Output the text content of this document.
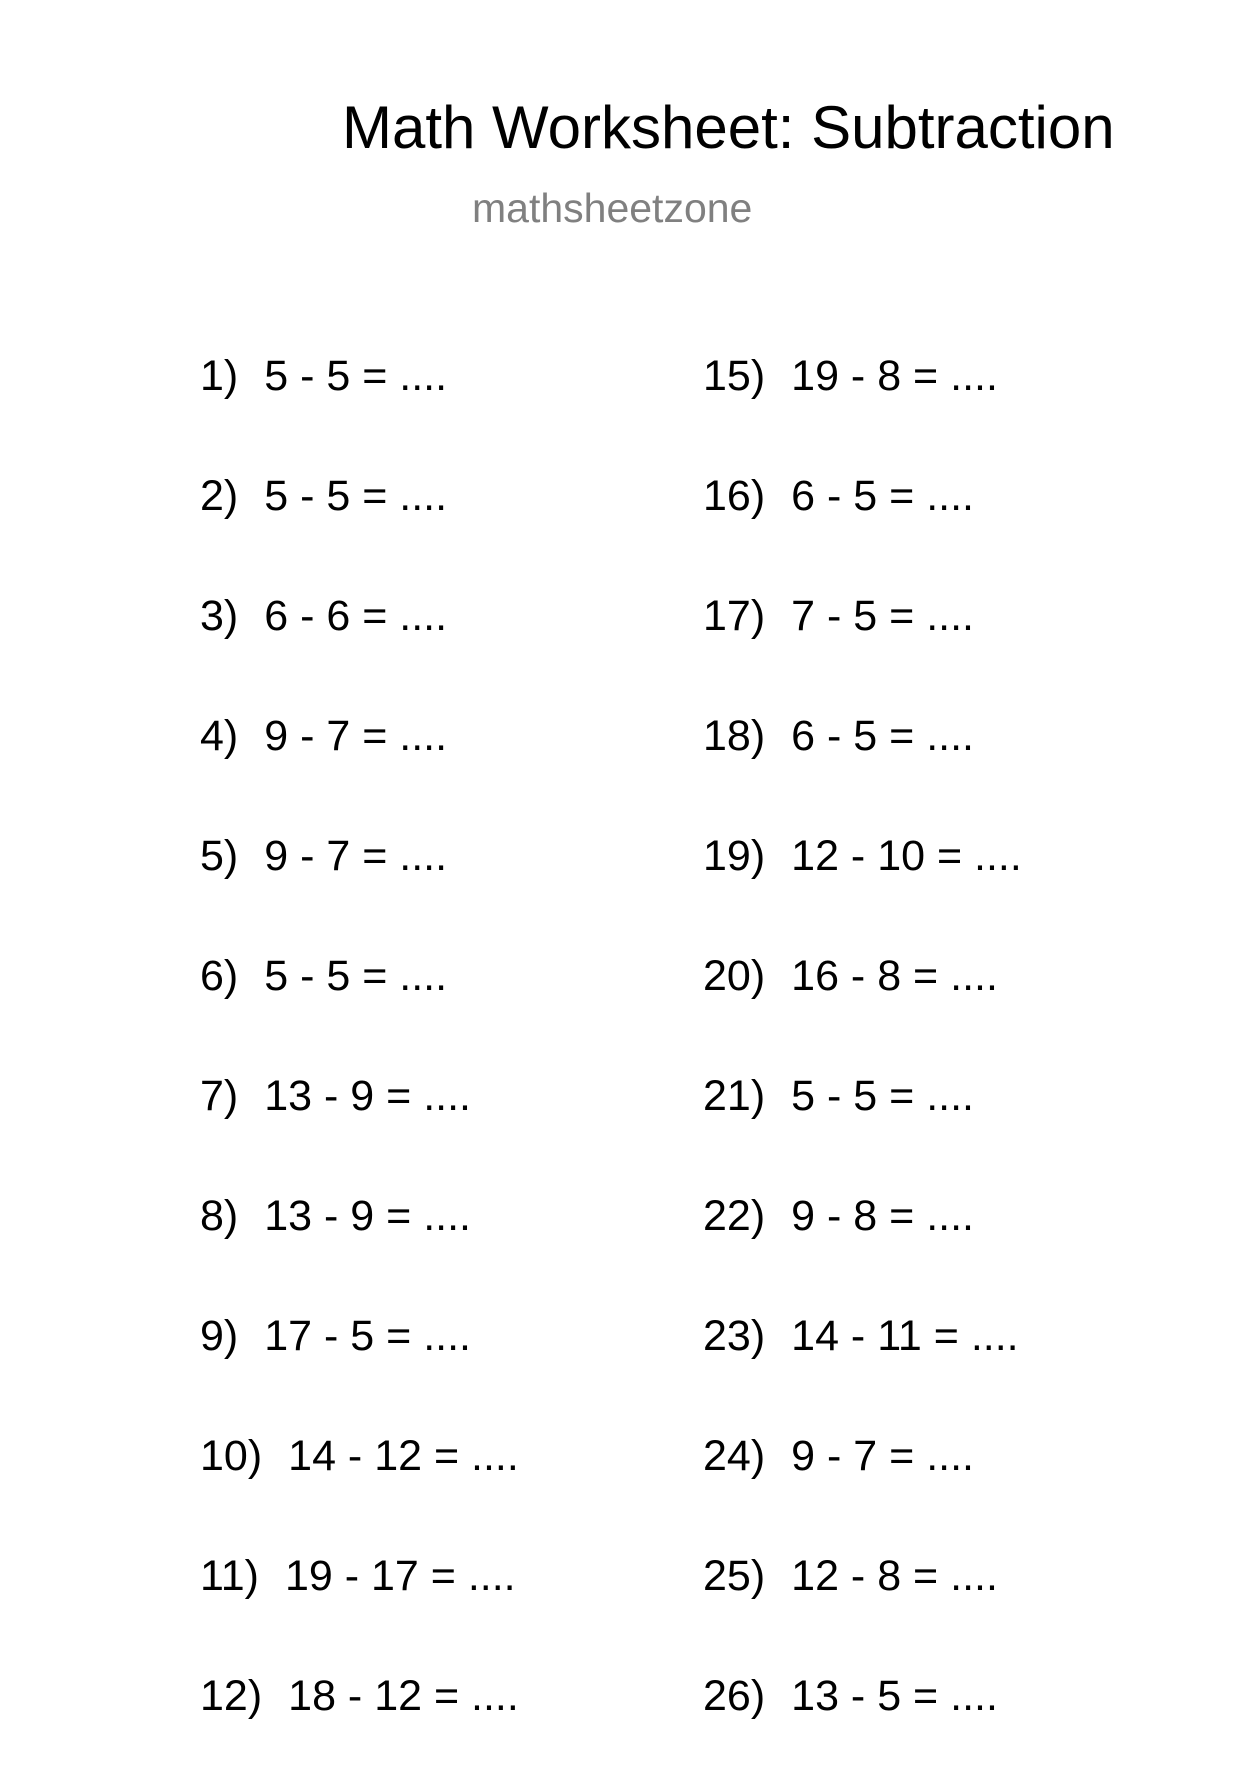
Math Worksheet: Subtraction
mathsheetzone
1) 5 - 5 = ....
2) 5 - 5 = ....
3) 6 - 6 = ....
4) 9 - 7 = ....
5) 9 - 7 = ....
6) 5 - 5 = ....
7) 13 - 9 = ....
8) 13 - 9 = ....
9) 17 - 5 = ....
10) 14 - 12 = ....
11) 19 - 17 = ....
12) 18 - 12 = ....
15) 19 - 8 = ....
16) 6 - 5 = ....
17) 7 - 5 = ....
18) 6 - 5 = ....
19) 12 - 10 = ....
20) 16 - 8 = ....
21) 5 - 5 = ....
22) 9 - 8 = ....
23) 14 - 11 = ....
24) 9 - 7 = ....
25) 12 - 8 = ....
26) 13 - 5 = ....
